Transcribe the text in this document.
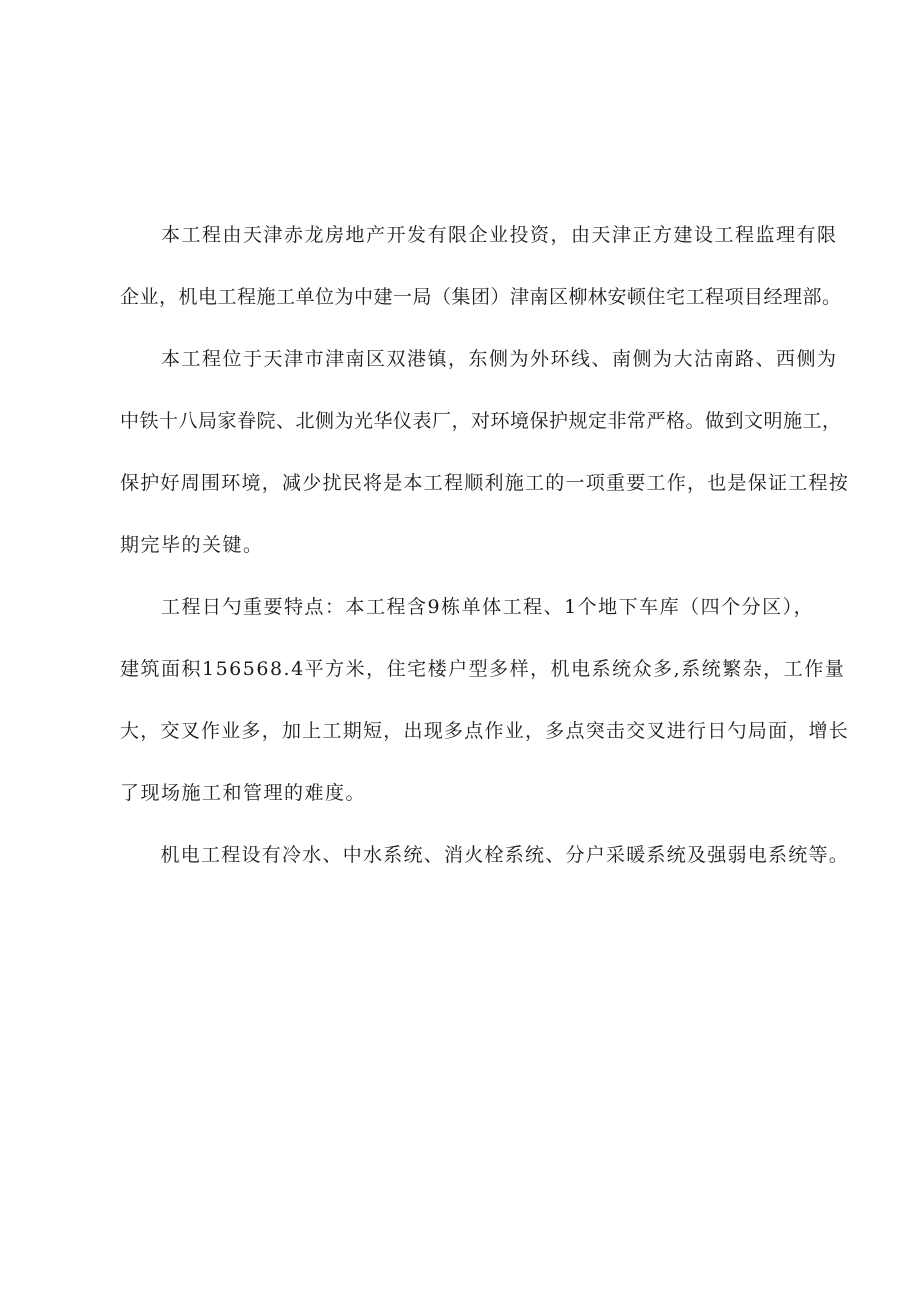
　　本工程由天津赤龙房地产开发有限企业投资，由天津正方建设工程监理有限
企业，机电工程施工单位为中建一局（集团）津南区柳林安顿住宅工程项目经理部。
　　本工程位于天津市津南区双港镇，东侧为外环线、南侧为大沽南路、西侧为
中铁十八局家眷院、北侧为光华仪表厂，对环境保护规定非常严格。做到文明施工，
保护好周围环境，减少扰民将是本工程顺利施工的一项重要工作，也是保证工程按
期完毕的关键。
　　工程日勺重要特点：本工程含9栋单体工程、1个地下车库（四个分区），
建筑面积156568.4平方米，住宅楼户型多样，机电系统众多,系统繁杂，工作量
大，交叉作业多，加上工期短，出现多点作业，多点突击交叉进行日勺局面，增长
了现场施工和管理的难度。
　　机电工程设有冷水、中水系统、消火栓系统、分户采暖系统及强弱电系统等。
